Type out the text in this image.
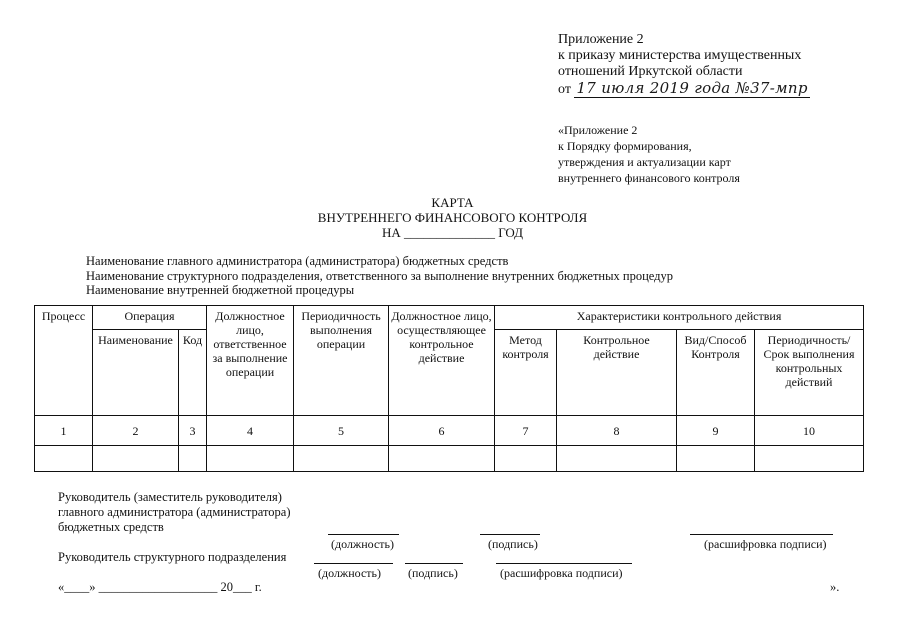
Приложение 2
к приказу министерства имущественных
отношений Иркутской области
от 17 июля 2019 года №37-мпр
«Приложение 2
к Порядку формирования,
утверждения и актуализации карт
внутреннего финансового контроля
КАРТА
ВНУТРЕННЕГО ФИНАНСОВОГО КОНТРОЛЯ
НА ______________ ГОД
Наименование главного администратора (администратора) бюджетных средств
Наименование структурного подразделения, ответственного за выполнение внутренних бюджетных процедур
Наименование внутренней бюджетной процедуры
Процесс	Операция		Должностное лицо, ответственное за выполнение операции	Периодичность выполнения операции	Должностное лицо, осуществляющее контрольное действие	Характеристики контрольного действия			
	Наименование	Код				Метод контроля	Контрольное действие	Вид/Способ Контроля	Периодичность/ Срок выполнения контрольных действий
1	2	3	4	5	6	7	8	9	10

Руководитель (заместитель руководителя)
главного администратора (администратора)
бюджетных средств
(должность)	(подпись)	(расшифровка подписи)
Руководитель структурного подразделения
(должность) (подпись)	(расшифровка подписи)
«____» ___________________ 20___ г.	».
